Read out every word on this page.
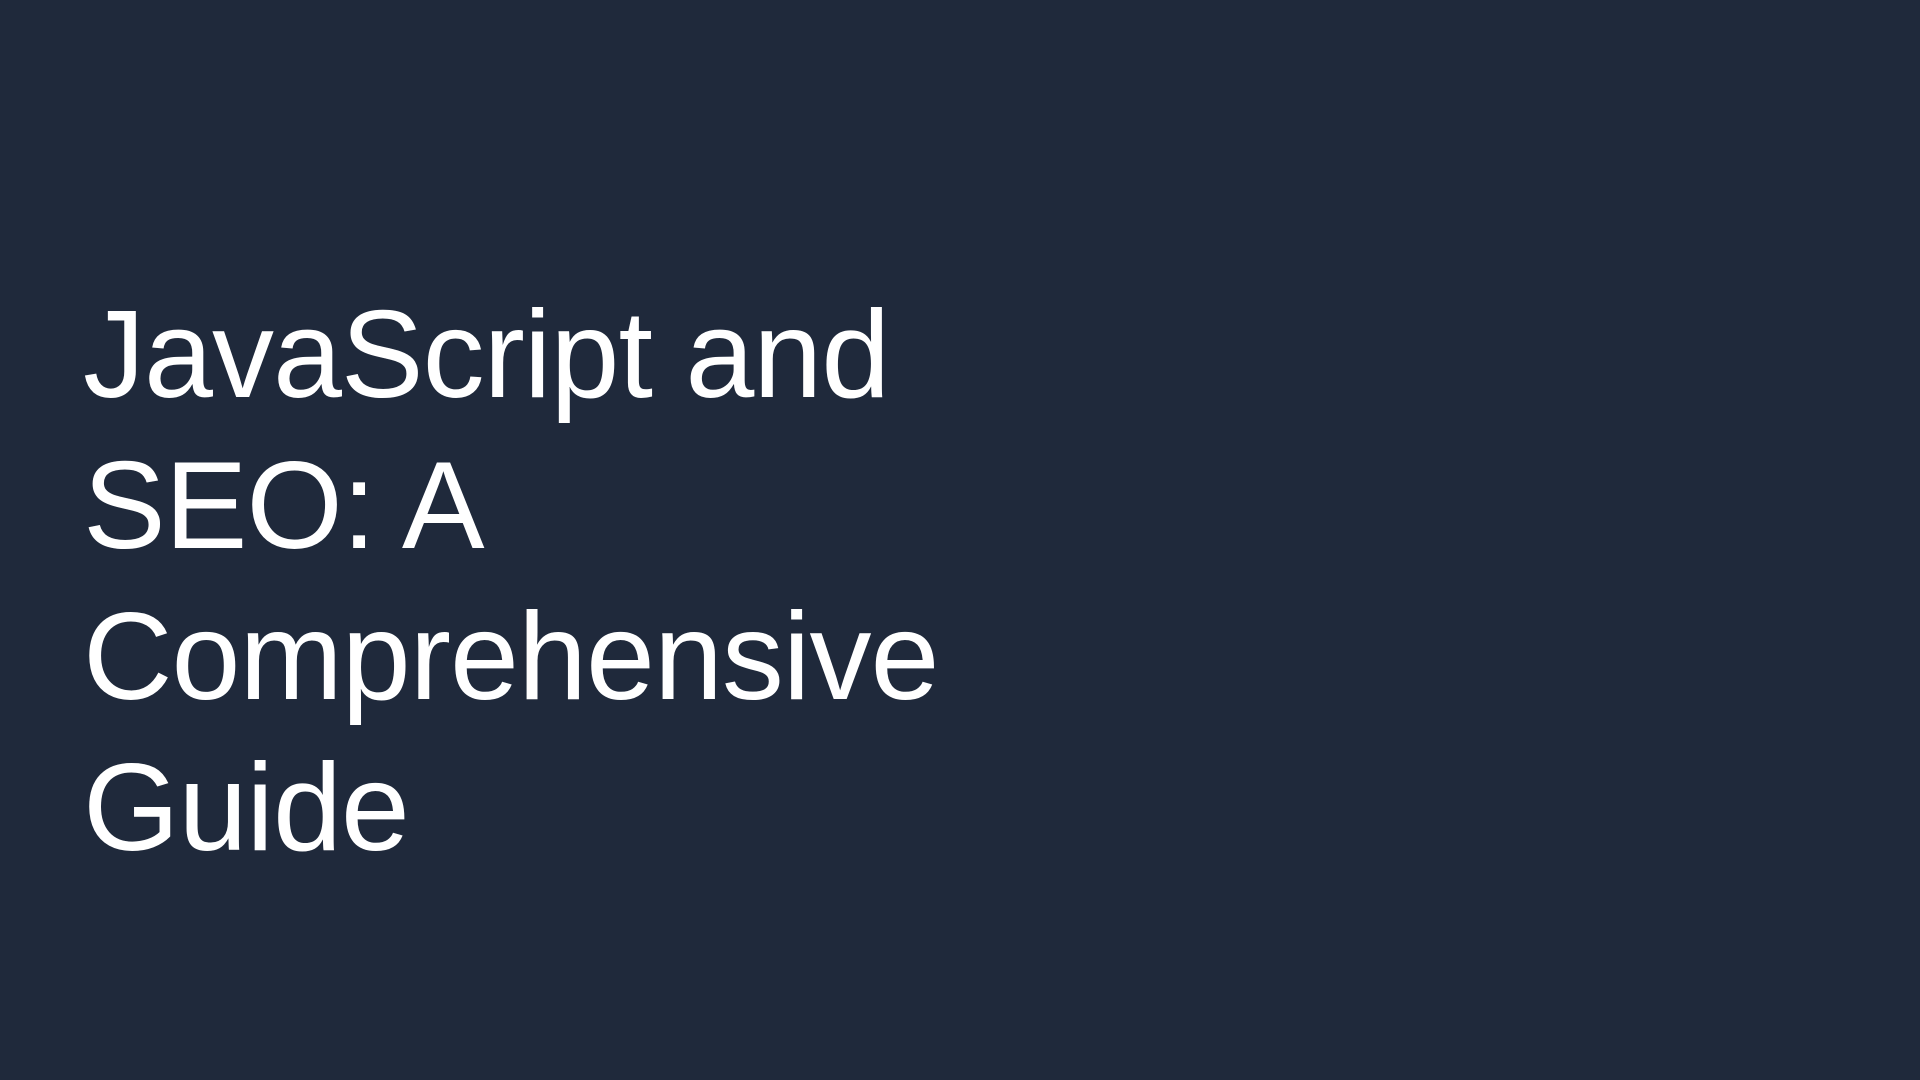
JavaScript and
SEO: A
Comprehensive
Guide
